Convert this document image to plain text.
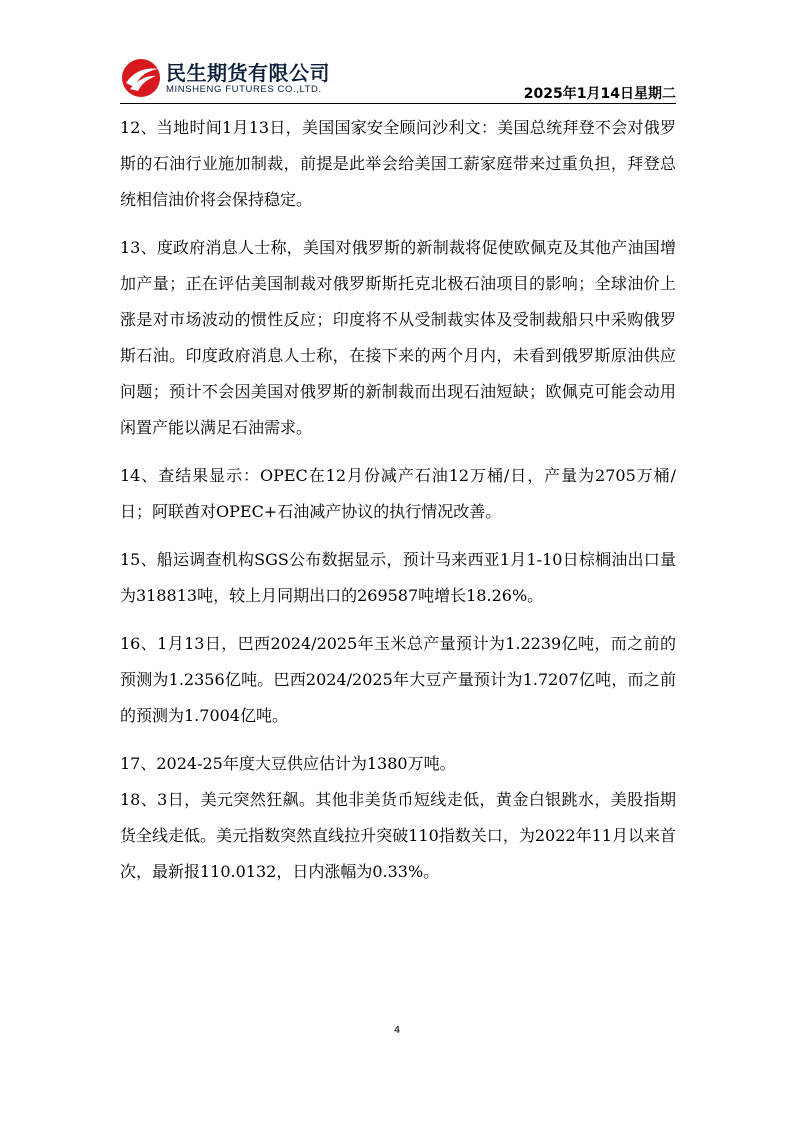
民生期货有限公司
MINSHENG FUTURES CO.,LTD.	2025年1月14日星期二

12、当地时间1月13日，美国国家安全顾问沙利文：美国总统拜登不会对俄罗斯的石油行业施加制裁，前提是此举会给美国工薪家庭带来过重负担，拜登总统相信油价将会保持稳定。

13、度政府消息人士称，美国对俄罗斯的新制裁将促使欧佩克及其他产油国增加产量；正在评估美国制裁对俄罗斯斯托克北极石油项目的影响；全球油价上涨是对市场波动的惯性反应；印度将不从受制裁实体及受制裁船只中采购俄罗斯石油。印度政府消息人士称，在接下来的两个月内，未看到俄罗斯原油供应问题；预计不会因美国对俄罗斯的新制裁而出现石油短缺；欧佩克可能会动用闲置产能以满足石油需求。

14、查结果显示：OPEC在12月份减产石油12万桶/日，产量为2705万桶/日；阿联酋对OPEC+石油减产协议的执行情况改善。

15、船运调查机构SGS公布数据显示，预计马来西亚1月1-10日棕榈油出口量为318813吨，较上月同期出口的269587吨增长18.26%。

16、1月13日，巴西2024/2025年玉米总产量预计为1.2239亿吨，而之前的预测为1.2356亿吨。巴西2024/2025年大豆产量预计为1.7207亿吨，而之前的预测为1.7004亿吨。

17、2024-25年度大豆供应估计为1380万吨。

18、3日，美元突然狂飙。其他非美货币短线走低，黄金白银跳水，美股指期货全线走低。美元指数突然直线拉升突破110指数关口，为2022年11月以来首次，最新报110.0132，日内涨幅为0.33%。

4
